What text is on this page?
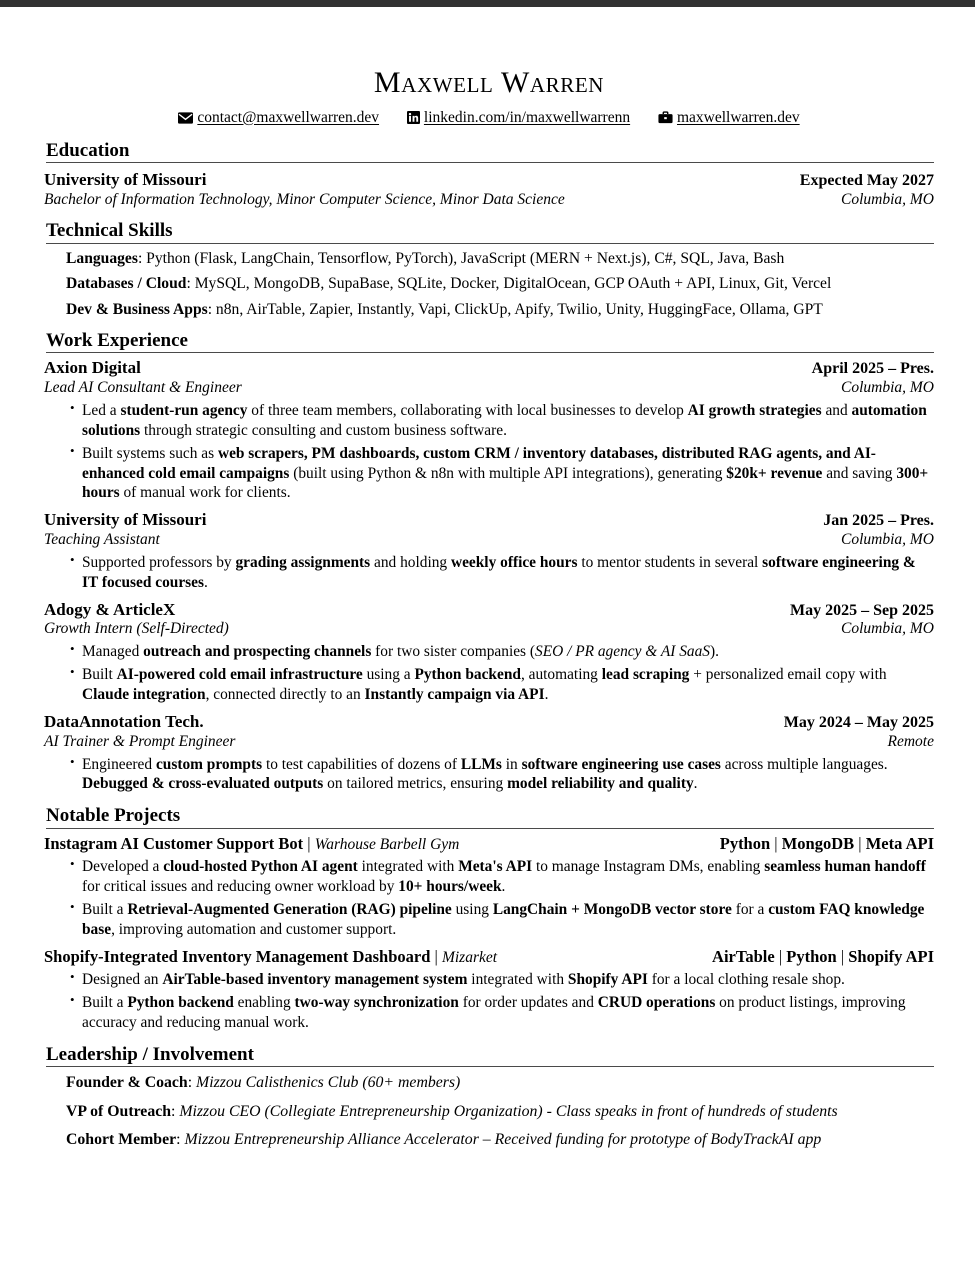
Maxwell Warren
contact@maxwellwarren.dev	linkedin.com/in/maxwellwarrenn	maxwellwarren.dev
Education
University of Missouri	Expected May 2027
Bachelor of Information Technology, Minor Computer Science, Minor Data Science	Columbia, MO
Technical Skills
Languages: Python (Flask, LangChain, Tensorflow, PyTorch), JavaScript (MERN + Next.js), C#, SQL, Java, Bash
Databases / Cloud: MySQL, MongoDB, SupaBase, SQLite, Docker, DigitalOcean, GCP OAuth + API, Linux, Git, Vercel
Dev & Business Apps: n8n, AirTable, Zapier, Instantly, Vapi, ClickUp, Apify, Twilio, Unity, HuggingFace, Ollama, GPT
Work Experience
Axion Digital	April 2025 – Pres.
Lead AI Consultant & Engineer	Columbia, MO
• Led a student-run agency of three team members, collaborating with local businesses to develop AI growth strategies and automation solutions through strategic consulting and custom business software.
• Built systems such as web scrapers, PM dashboards, custom CRM / inventory databases, distributed RAG agents, and AI-enhanced cold email campaigns (built using Python & n8n with multiple API integrations), generating $20k+ revenue and saving 300+ hours of manual work for clients.
University of Missouri	Jan 2025 – Pres.
Teaching Assistant	Columbia, MO
• Supported professors by grading assignments and holding weekly office hours to mentor students in several software engineering & IT focused courses.
Adogy & ArticleX	May 2025 – Sep 2025
Growth Intern (Self-Directed)	Columbia, MO
• Managed outreach and prospecting channels for two sister companies (SEO / PR agency & AI SaaS).
• Built AI-powered cold email infrastructure using a Python backend, automating lead scraping + personalized email copy with Claude integration, connected directly to an Instantly campaign via API.
DataAnnotation Tech.	May 2024 – May 2025
AI Trainer & Prompt Engineer	Remote
• Engineered custom prompts to test capabilities of dozens of LLMs in software engineering use cases across multiple languages. Debugged & cross-evaluated outputs on tailored metrics, ensuring model reliability and quality.
Notable Projects
Instagram AI Customer Support Bot | Warhouse Barbell Gym	Python | MongoDB | Meta API
• Developed a cloud-hosted Python AI agent integrated with Meta's API to manage Instagram DMs, enabling seamless human handoff for critical issues and reducing owner workload by 10+ hours/week.
• Built a Retrieval-Augmented Generation (RAG) pipeline using LangChain + MongoDB vector store for a custom FAQ knowledge base, improving automation and customer support.
Shopify-Integrated Inventory Management Dashboard | Mizarket	AirTable | Python | Shopify API
• Designed an AirTable-based inventory management system integrated with Shopify API for a local clothing resale shop.
• Built a Python backend enabling two-way synchronization for order updates and CRUD operations on product listings, improving accuracy and reducing manual work.
Leadership / Involvement
Founder & Coach: Mizzou Calisthenics Club (60+ members)
VP of Outreach: Mizzou CEO (Collegiate Entrepreneurship Organization) - Class speaks in front of hundreds of students
Cohort Member: Mizzou Entrepreneurship Alliance Accelerator – Received funding for prototype of BodyTrackAI app
